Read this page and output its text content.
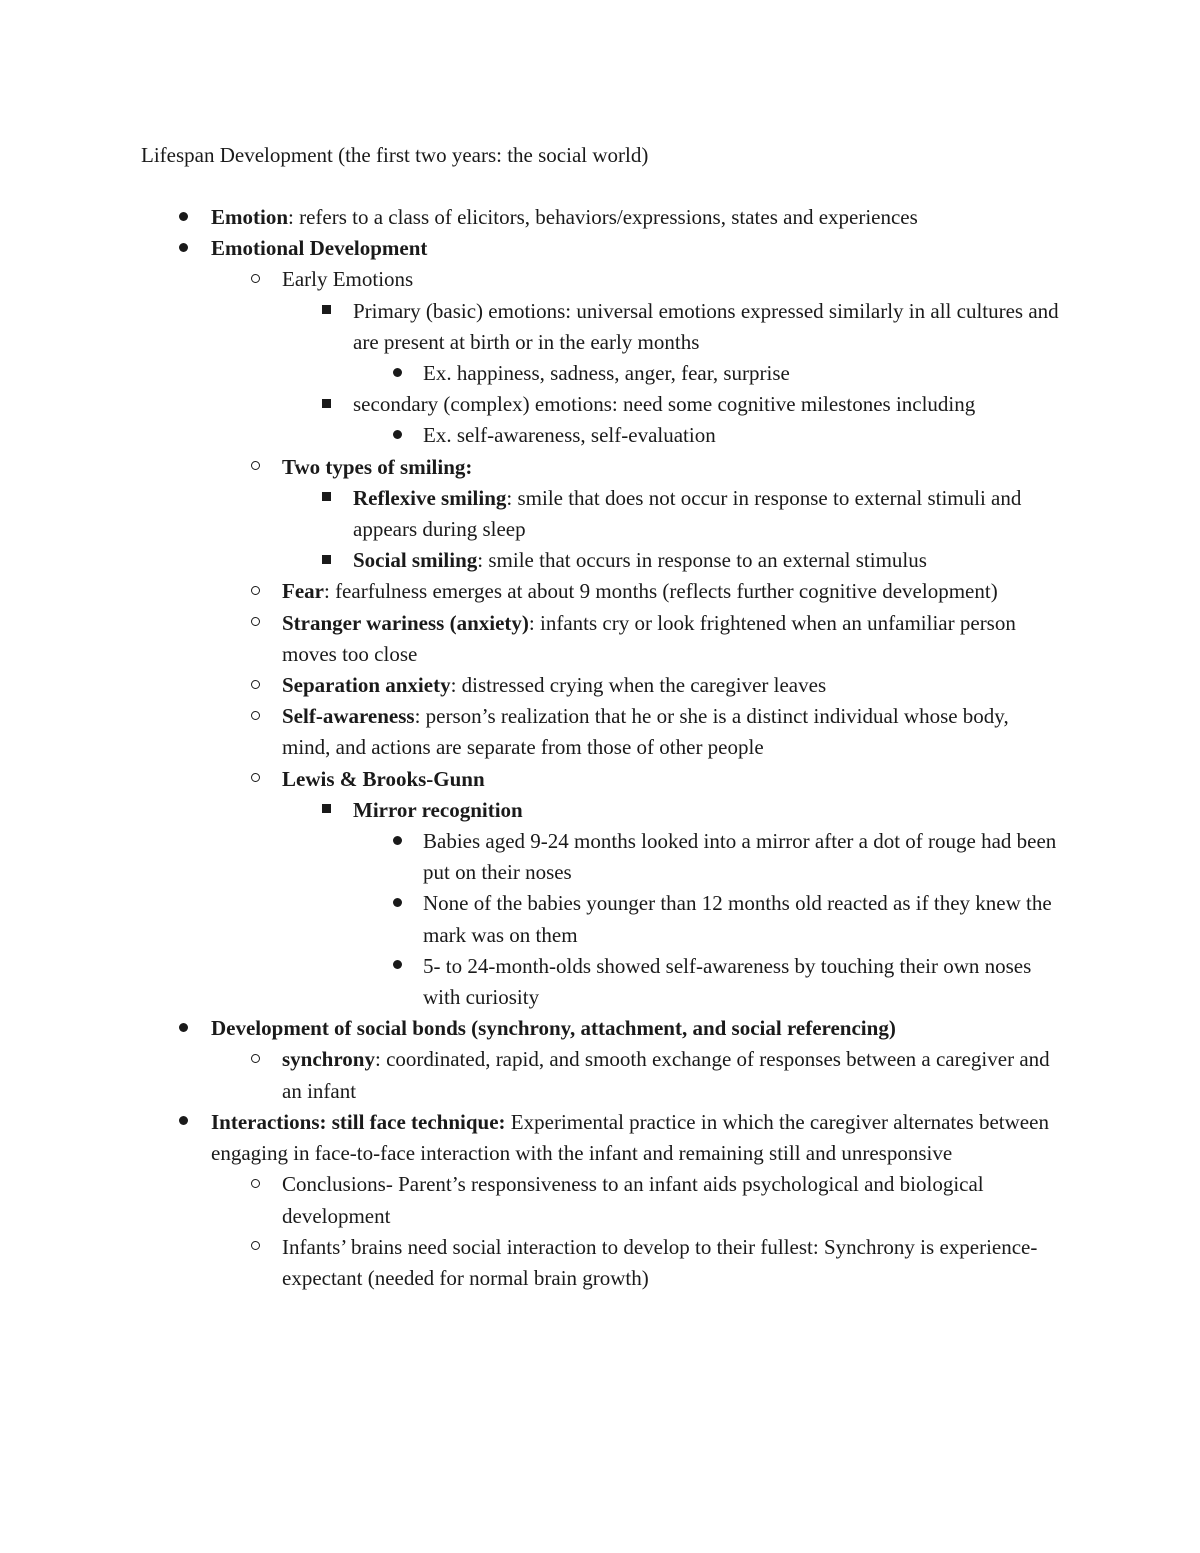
Lifespan Development (the first two years: the social world)
Emotion: refers to a class of elicitors, behaviors/expressions, states and experiences
Emotional Development
Early Emotions
Primary (basic) emotions: universal emotions expressed similarly in all cultures and are present at birth or in the early months
Ex. happiness, sadness, anger, fear, surprise
secondary (complex) emotions: need some cognitive milestones including
Ex. self-awareness, self-evaluation
Two types of smiling:
Reflexive smiling: smile that does not occur in response to external stimuli and appears during sleep
Social smiling: smile that occurs in response to an external stimulus
Fear: fearfulness emerges at about 9 months (reflects further cognitive development)
Stranger wariness (anxiety): infants cry or look frightened when an unfamiliar person moves too close
Separation anxiety: distressed crying when the caregiver leaves
Self-awareness: person’s realization that he or she is a distinct individual whose body, mind, and actions are separate from those of other people
Lewis & Brooks-Gunn
Mirror recognition
Babies aged 9-24 months looked into a mirror after a dot of rouge had been put on their noses
None of the babies younger than 12 months old reacted as if they knew the mark was on them
5- to 24-month-olds showed self-awareness by touching their own noses with curiosity
Development of social bonds (synchrony, attachment, and social referencing)
synchrony: coordinated, rapid, and smooth exchange of responses between a caregiver and an infant
Interactions: still face technique: Experimental practice in which the caregiver alternates between engaging in face-to-face interaction with the infant and remaining still and unresponsive
Conclusions- Parent’s responsiveness to an infant aids psychological and biological development
Infants’ brains need social interaction to develop to their fullest: Synchrony is experience-expectant (needed for normal brain growth)
